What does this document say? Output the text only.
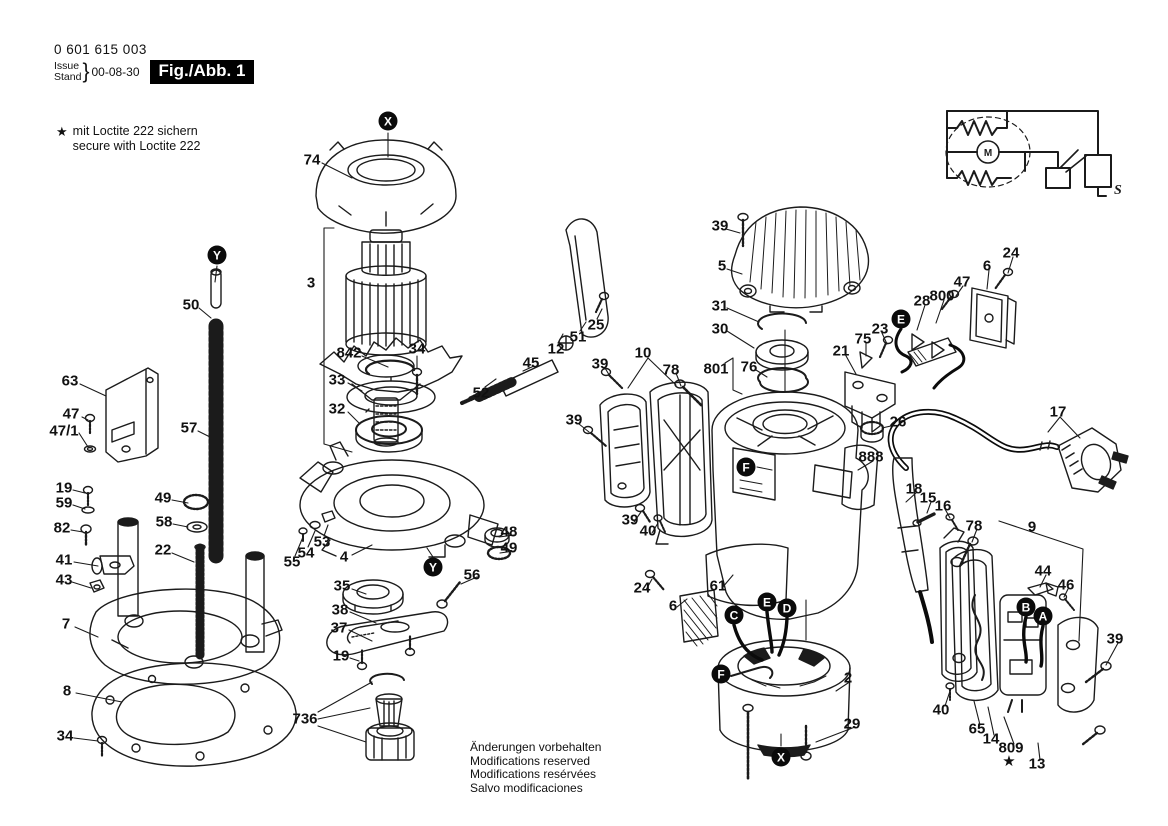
M
S
0 601 615 003
Issue
Stand } 00-08-30	Fig./Abb. 1
★ mit Loctite 222 sichern
secure with Loctite 222
Änderungen vorbehalten
Modifications reserved
Modifications resérvées
Salvo modificaciones
74
3
842	34
33
32
4
35
38
37
19
736
50
63
47
47/1	57
19
59
82
41
43
22
7
8
34
49
58
55
54
53
45
52
12
51
25
56
48
49
39
5
31
30
801 76
10
78
39
39
39
40
24
6
61
21
75
23
28 800
47
6
24
26
888
17
18
15
16
78	9
44
46
39
40
65
14
809
13
2
29
X
Y
Y
E
F
C
E D
F
B
A
X	★
